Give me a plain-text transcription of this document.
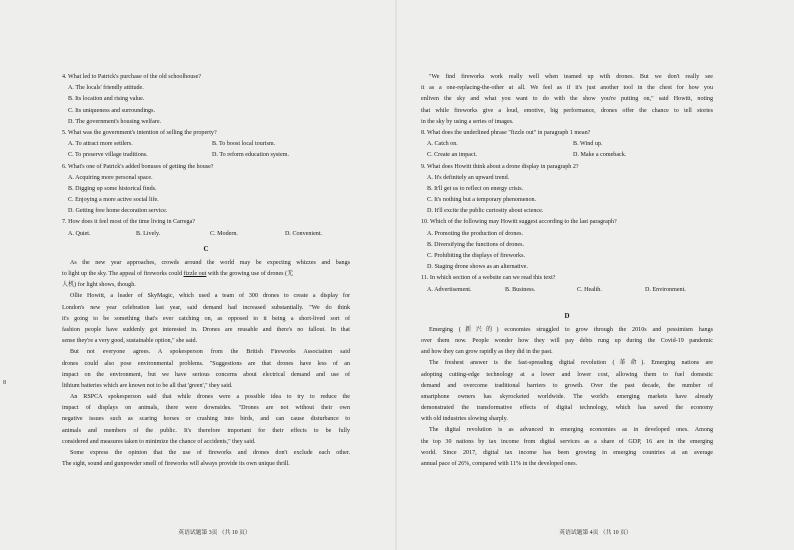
8
4. What led to Patrick's purchase of the old schoolhouse?
A. The locals' friendly attitude.
B. Its location and rising value.
C. Its uniqueness and surroundings.
D. The government's housing welfare.
5. What was the government's intention of selling the property?
A. To attract more settlers.	B. To boost local tourism.
C. To preserve village traditions.	D. To reform education system.
6. What's one of Patrick's added bonuses of getting the house?
A. Acquiring more personal space.
B. Digging up some historical finds.
C. Enjoying a more active social life.
D. Getting free home decoration service.
7. How does it feel most of the time living in Carrega?
A. Quiet.	B. Lively.	C. Modern.	D. Convenient.
C
As the new year approaches, crowds around the world may be expecting whizzes and bangs
to light up the sky. The appeal of fireworks could fizzle out with the growing use of drones (无
人机) for light shows, though.
Ollie Howitt, a leader of SkyMagic, which used a team of 300 drones to create a display for
London's new year celebration last year, said demand had increased substantially. "We do think
it's going to be something that's ever catching on, as opposed to it being a short-lived sort of
fashion people have suddenly got interested in. Drones are reusable and there's no fallout. In that
sense they're a very good, sustainable option," she said.
But not everyone agrees. A spokesperson from the British Fireworks Association said
drones could also pose environmental problems. "Suggestions are that drones have less of an
impact on the environment, but we have serious concerns about electrical demand and use of
lithium batteries which are known not to be all that 'green'," they said.
An RSPCA spokesperson said that while drones were a possible idea to try to reduce the
impact of displays on animals, there were downsides. "Drones are not without their own
negative issues such as scaring horses or crashing into birds, and can cause disturbance to
animals and members of the public. It's therefore important for their effects to be fully
considered and measures taken to minimize the chance of accidents," they said.
Some express the opinion that the use of fireworks and drones don't exclude each other.
The sight, sound and gunpowder smell of fireworks will always provide its own unique thrill.
英语试题第 3页 （共 10 页）
"We find fireworks work really well when teamed up with drones. But we don't really see
it as a one-replacing-the-other at all. We feel as if it's just another tool in the chest for how you
enliven the sky and what you want to do with the show you're putting on," said Howitt, noting
that while fireworks give a loud, emotive, big performance, drones offer the chance to tell stories
in the sky by using a series of images.
8. What does the underlined phrase "fizzle out" in paragraph 1 mean?
A. Catch on.	B. Wind up.
C. Create an impact.	D. Make a comeback.
9. What does Howitt think about a drone display in paragraph 2?
A. It's definitely an upward trend.
B. It'll get us to reflect on energy crisis.
C. It's nothing but a temporary phenomenon.
D. It'll excite the public curiosity about science.
10. Which of the following may Howitt suggest according to the last paragraph?
A. Promoting the production of drones.
B. Diversifying the functions of drones.
C. Prohibiting the displays of fireworks.
D. Staging drone shows as an alternative.
11. In which section of a website can we read this text?
A. Advertisement.	B. Business.	C. Health.	D. Environment.
D
Emerging (新兴的) economies struggled to grow through the 2010s and pessimism hangs
over them now. People wonder how they will pay debts rung up during the Covid-19 pandemic
and how they can grow rapidly as they did in the past.
The freshest answer is the fast-spreading digital revolution (革命). Emerging nations are
adopting cutting-edge technology at a lower and lower cost, allowing them to fuel domestic
demand and overcome traditional barriers to growth. Over the past decade, the number of
smartphone owners has skyrocketed worldwide. The world's emerging markets have already
demonstrated the transformative effects of digital technology, which has saved the economy
with old industries slowing sharply.
The digital revolution is as advanced in emerging economies as in developed ones. Among
the top 30 nations by tax income from digital services as a share of GDP, 16 are in the emerging
world. Since 2017, digital tax income has been growing in emerging countries at an average
annual pace of 26%, compared with 11% in the developed ones.
英语试题第 4页 （共 10 页）
